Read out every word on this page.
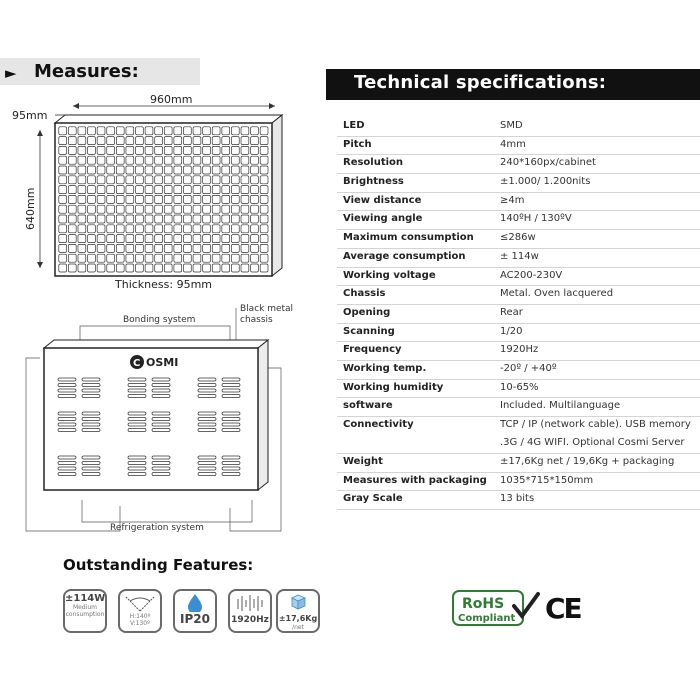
► Measures:
960mm
95mm
640mm
Thickness: 95mm
Bonding system
Black metal
chassis
C OSMI
Refrigeration system
Technical specifications:
LED	SMD
Pitch	4mm
Resolution	240*160px/cabinet
Brightness	±1.000/ 1.200nits
View distance	≥4m
Viewing angle	140ºH / 130ºV
Maximum consumption	≤286w
Average consumption	± 114w
Working voltage	AC200-230V
Chassis	Metal. Oven lacquered
Opening	Rear
Scanning	1/20
Frequency	1920Hz
Working temp.	-20º / +40º
Working humidity	10-65%
software	Included. Multilanguage
Connectivity	TCP / IP (network cable). USB memory .3G / 4G WIFI. Optional Cosmi Server
Weight	±17,6Kg net / 19,6Kg + packaging
Measures with packaging 1035*715*150mm
Gray Scale	13 bits
Outstanding Features:
±114W
Medium
consumption	H:140º
V:130º	IP20	1920Hz ±17,6Kg
/net
RoHS
Compliant CE
